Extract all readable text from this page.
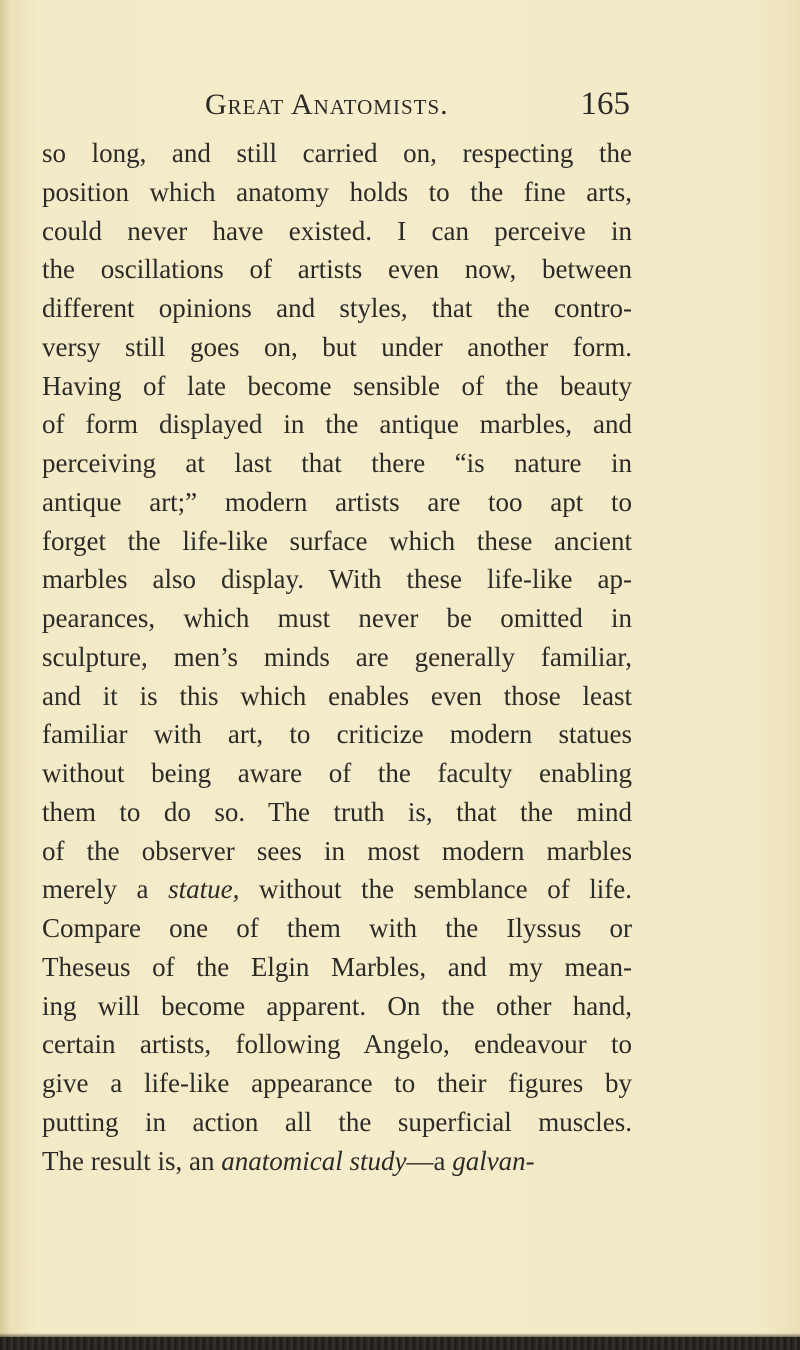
Great Anatomists.	165
so long, and still carried on, respecting the
position which anatomy holds to the fine arts,
could never have existed. I can perceive in
the oscillations of artists even now, between
different opinions and styles, that the contro-
versy still goes on, but under another form.
Having of late become sensible of the beauty
of form displayed in the antique marbles, and
perceiving at last that there “is nature in
antique art;” modern artists are too apt to
forget the life-like surface which these ancient
marbles also display. With these life-like ap-
pearances, which must never be omitted in
sculpture, men’s minds are generally familiar,
and it is this which enables even those least
familiar with art, to criticize modern statues
without being aware of the faculty enabling
them to do so. The truth is, that the mind
of the observer sees in most modern marbles
merely a statue, without the semblance of life.
Compare one of them with the Ilyssus or
Theseus of the Elgin Marbles, and my mean-
ing will become apparent. On the other hand,
certain artists, following Angelo, endeavour to
give a life-like appearance to their figures by
putting in action all the superficial muscles.
The result is, an anatomical study—a galvan-
